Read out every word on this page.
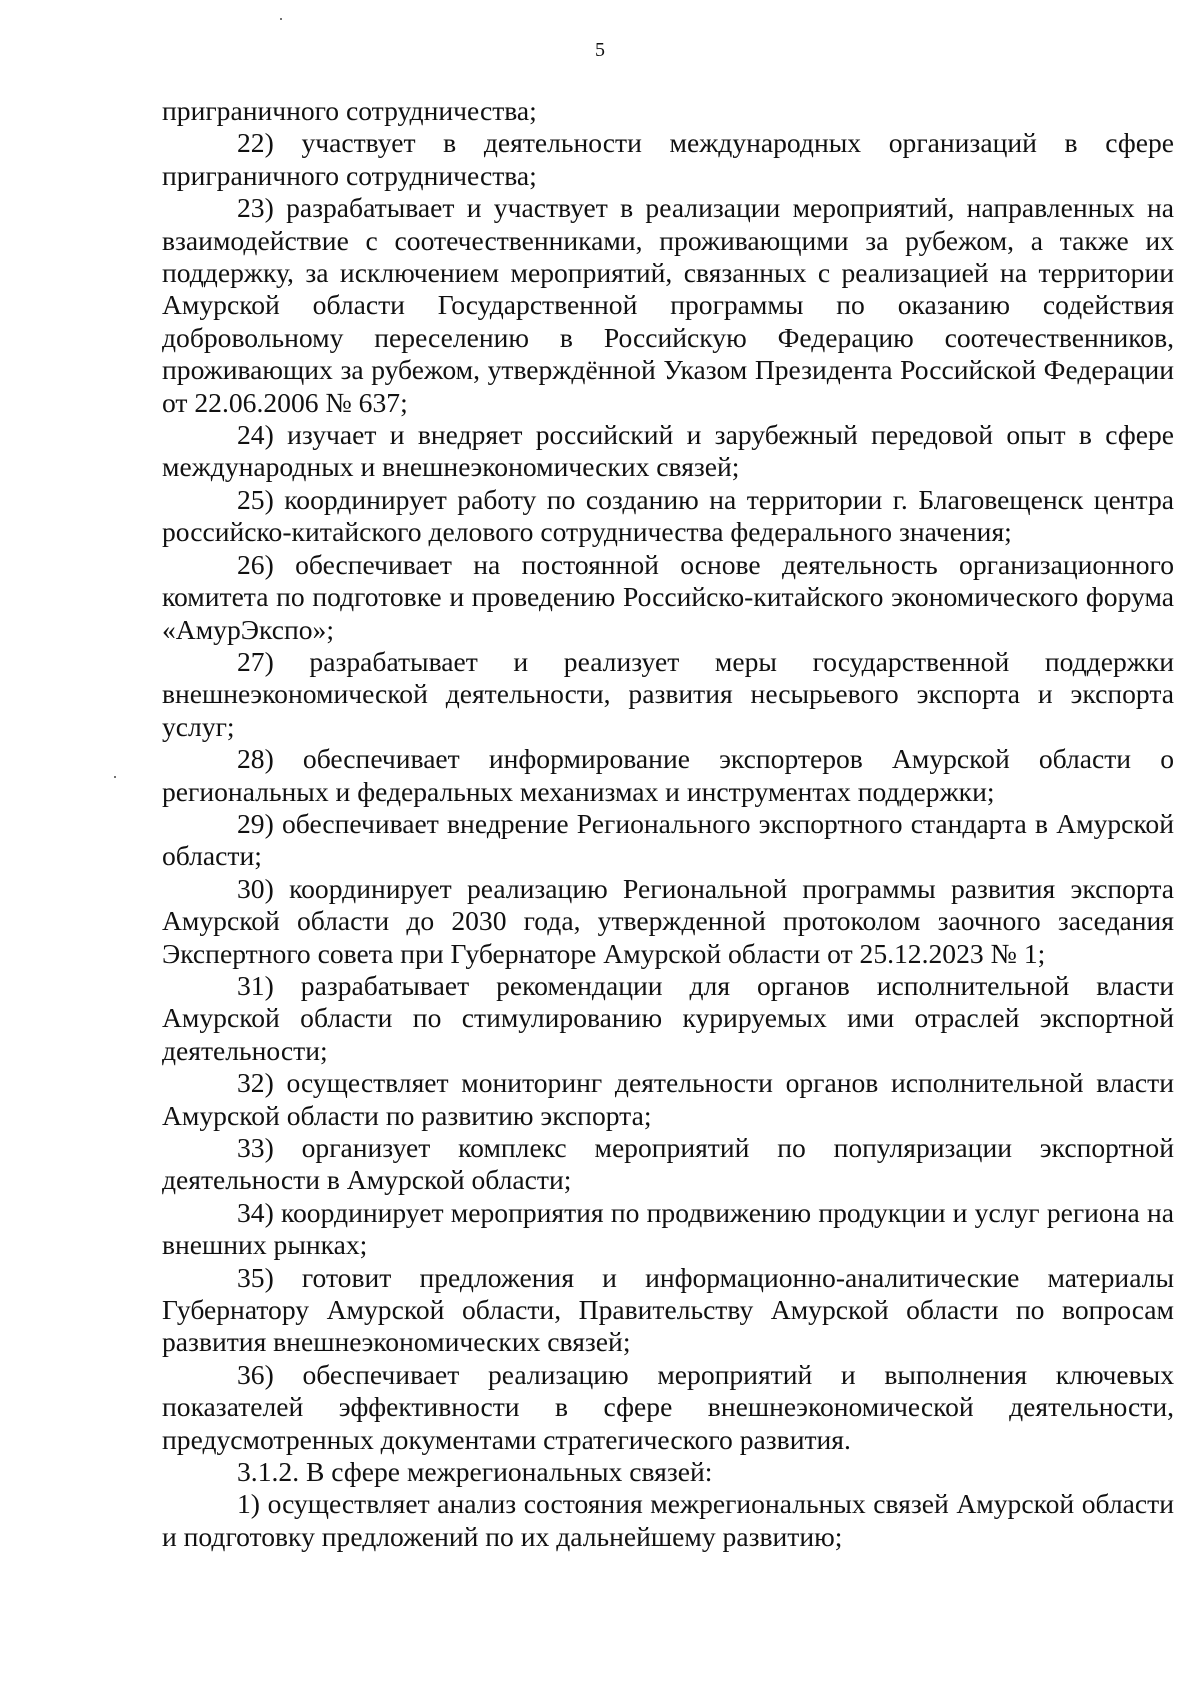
5

приграничного сотрудничества;

22) участвует в деятельности международных организаций в сфере приграничного сотрудничества;

23) разрабатывает и участвует в реализации мероприятий, направленных на взаимодействие с соотечественниками, проживающими за рубежом, а также их поддержку, за исключением мероприятий, связанных с реализацией на территории Амурской области Государственной программы по оказанию содействия добровольному переселению в Российскую Федерацию соотечественников, проживающих за рубежом, утверждённой Указом Президента Российской Федерации от 22.06.2006 № 637;

24) изучает и внедряет российский и зарубежный передовой опыт в сфере международных и внешнеэкономических связей;

25) координирует работу по созданию на территории г. Благовещенск центра российско-китайского делового сотрудничества федерального значения;

26) обеспечивает на постоянной основе деятельность организационного комитета по подготовке и проведению Российско-китайского экономического форума «АмурЭкспо»;

27) разрабатывает и реализует меры государственной поддержки внешнеэкономической деятельности, развития несырьевого экспорта и экспорта услуг;

28) обеспечивает информирование экспортеров Амурской области о региональных и федеральных механизмах и инструментах поддержки;

29) обеспечивает внедрение Регионального экспортного стандарта в Амурской области;

30) координирует реализацию Региональной программы развития экспорта Амурской области до 2030 года, утвержденной протоколом заочного заседания Экспертного совета при Губернаторе Амурской области от 25.12.2023 № 1;

31) разрабатывает рекомендации для органов исполнительной власти Амурской области по стимулированию курируемых ими отраслей экспортной деятельности;

32) осуществляет мониторинг деятельности органов исполнительной власти Амурской области по развитию экспорта;

33) организует комплекс мероприятий по популяризации экспортной деятельности в Амурской области;

34) координирует мероприятия по продвижению продукции и услуг региона на внешних рынках;

35) готовит предложения и информационно-аналитические материалы Губернатору Амурской области, Правительству Амурской области по вопросам развития внешнеэкономических связей;

36) обеспечивает реализацию мероприятий и выполнения ключевых показателей эффективности в сфере внешнеэкономической деятельности, предусмотренных документами стратегического развития.

3.1.2. В сфере межрегиональных связей:

1) осуществляет анализ состояния межрегиональных связей Амурской области и подготовку предложений по их дальнейшему развитию;
